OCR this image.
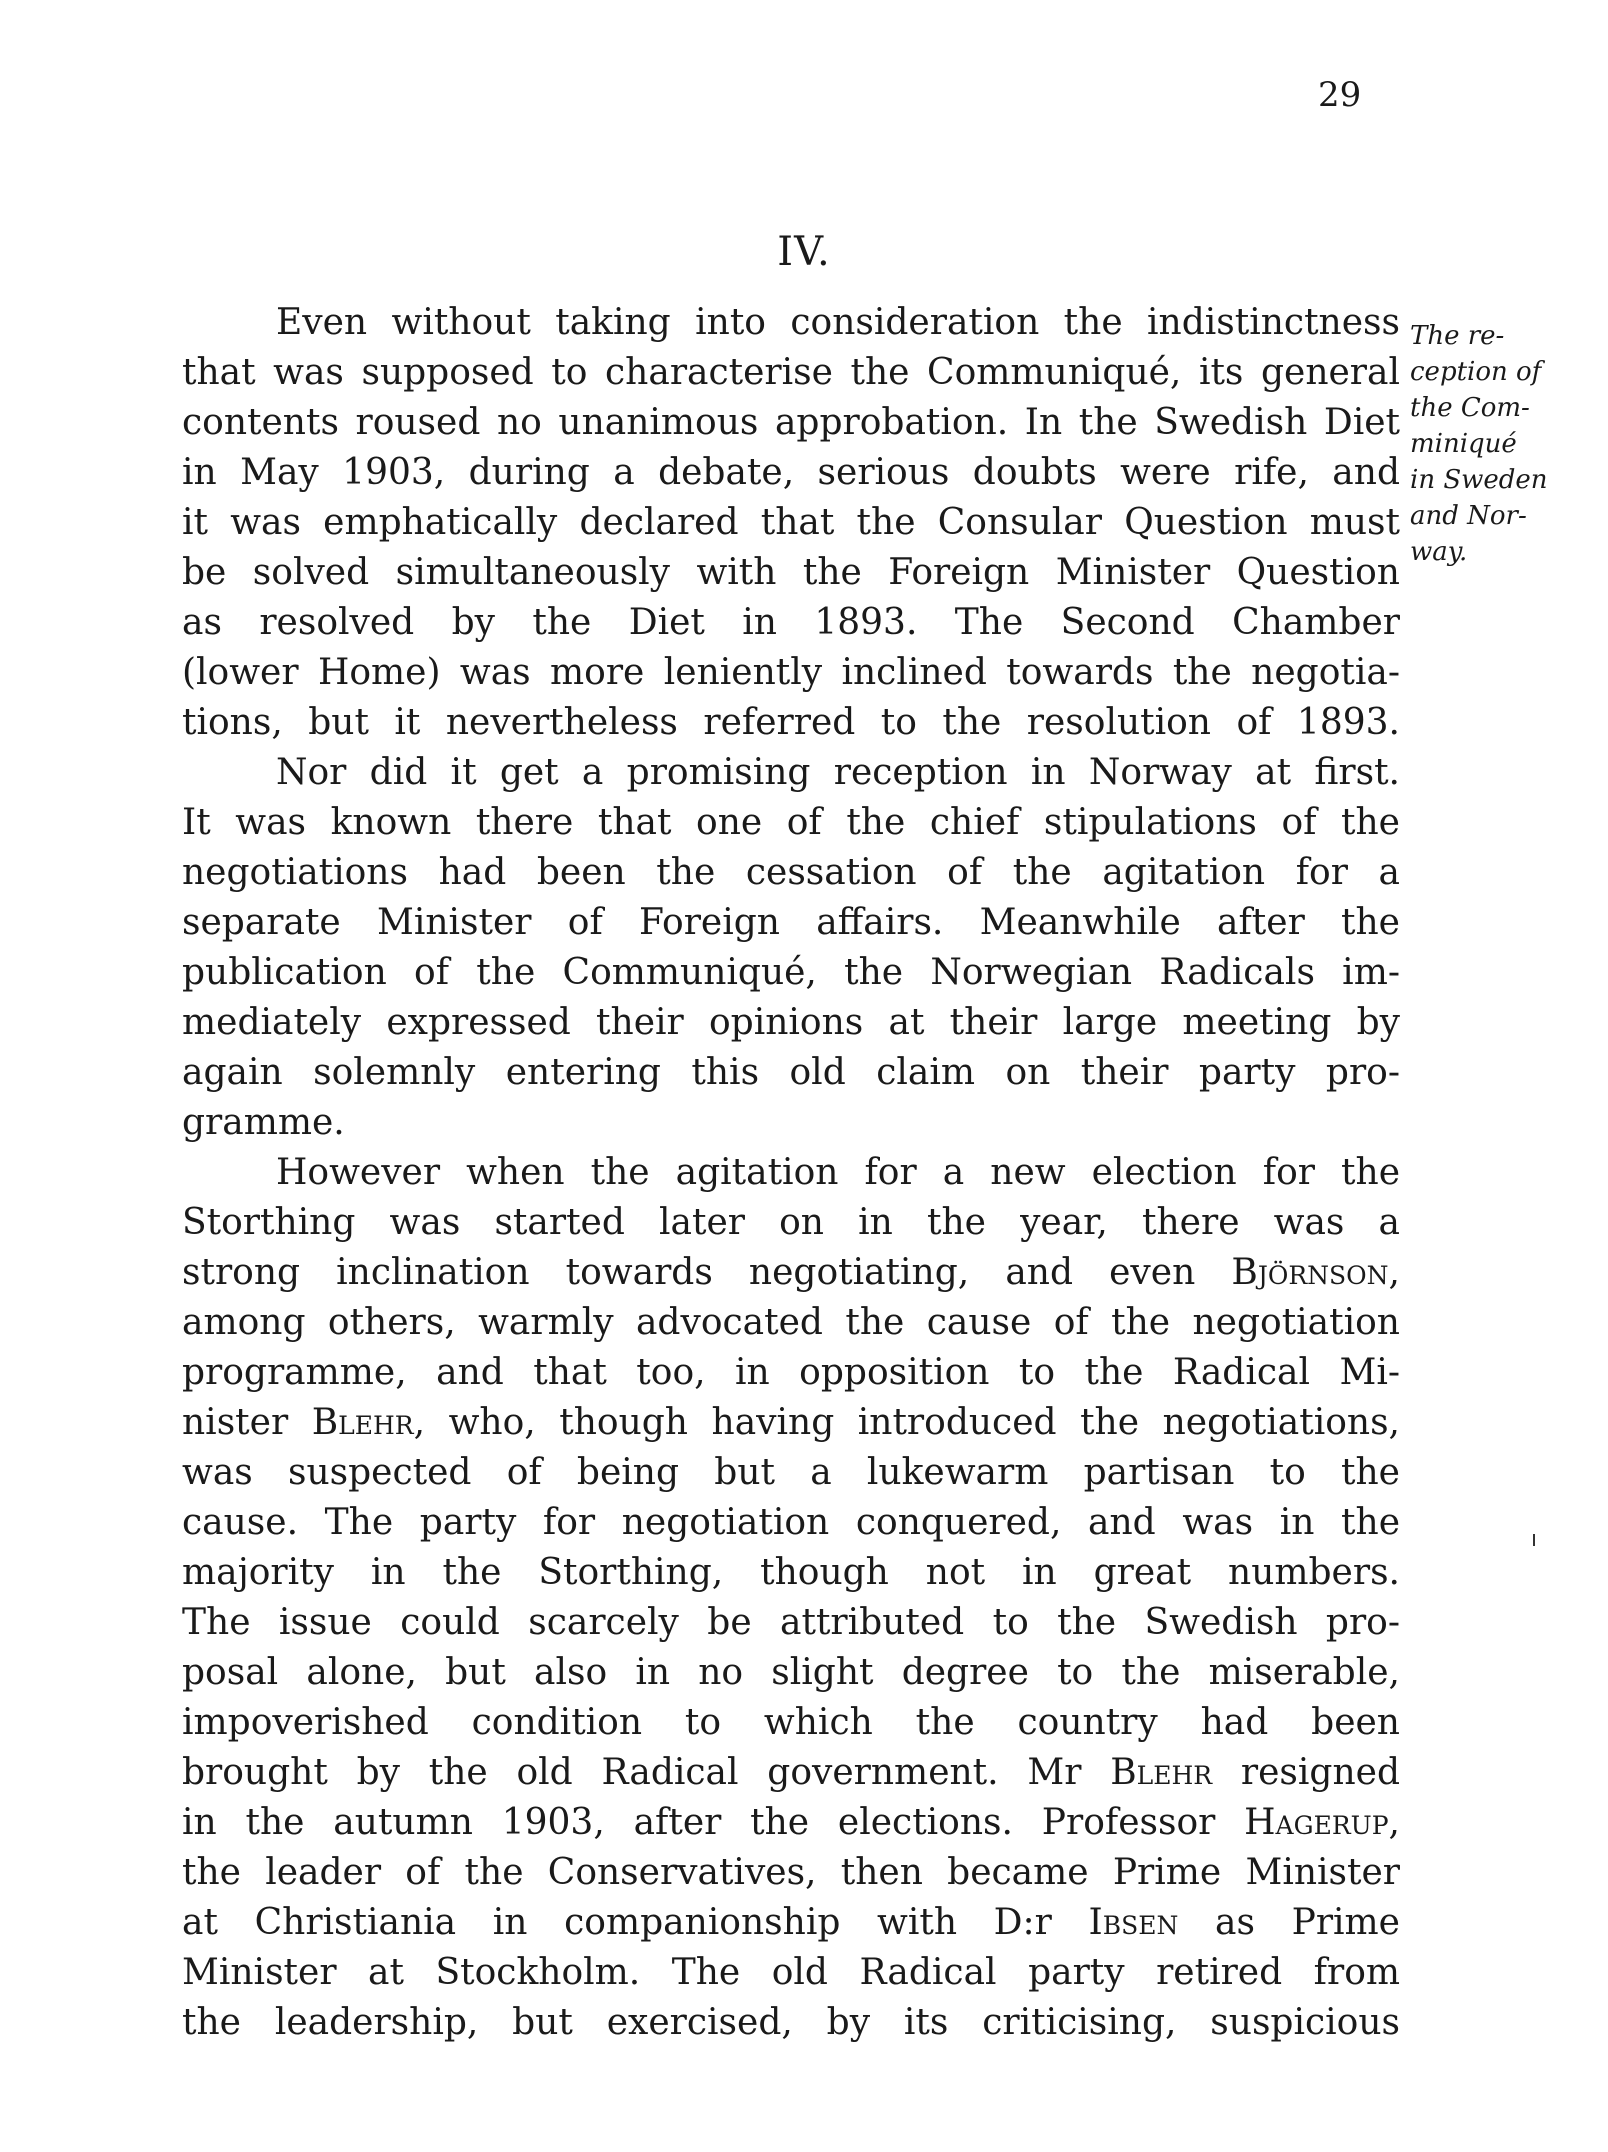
29
IV.
The re-
ception of
the Com-
miniqué
in Sweden
and Nor-
way.
Even without taking into consideration the indistinctness
that was supposed to characterise the Communiqué, its general
contents roused no unanimous approbation. In the Swedish Diet
in May 1903, during a debate, serious doubts were rife, and
it was emphatically declared that the Consular Question must
be solved simultaneously with the Foreign Minister Question
as resolved by the Diet in 1893. The Second Chamber
(lower Home) was more leniently inclined towards the negotia-
tions, but it nevertheless referred to the resolution of 1893.
Nor did it get a promising reception in Norway at first.
It was known there that one of the chief stipulations of the
negotiations had been the cessation of the agitation for a
separate Minister of Foreign affairs. Meanwhile after the
publication of the Communiqué, the Norwegian Radicals im-
mediately expressed their opinions at their large meeting by
again solemnly entering this old claim on their party pro-
gramme.
However when the agitation for a new election for the
Storthing was started later on in the year, there was a
strong inclination towards negotiating, and even Björnson,
among others, warmly advocated the cause of the negotiation
programme, and that too, in opposition to the Radical Mi-
nister Blehr, who, though having introduced the negotiations,
was suspected of being but a lukewarm partisan to the
cause. The party for negotiation conquered, and was in the
majority in the Storthing, though not in great numbers.
The issue could scarcely be attributed to the Swedish pro-
posal alone, but also in no slight degree to the miserable,
impoverished condition to which the country had been
brought by the old Radical government. Mr Blehr resigned
in the autumn 1903, after the elections. Professor Hagerup,
the leader of the Conservatives, then became Prime Minister
at Christiania in companionship with D:r Ibsen as Prime
Minister at Stockholm. The old Radical party retired from
the leadership, but exercised, by its criticising, suspicious
